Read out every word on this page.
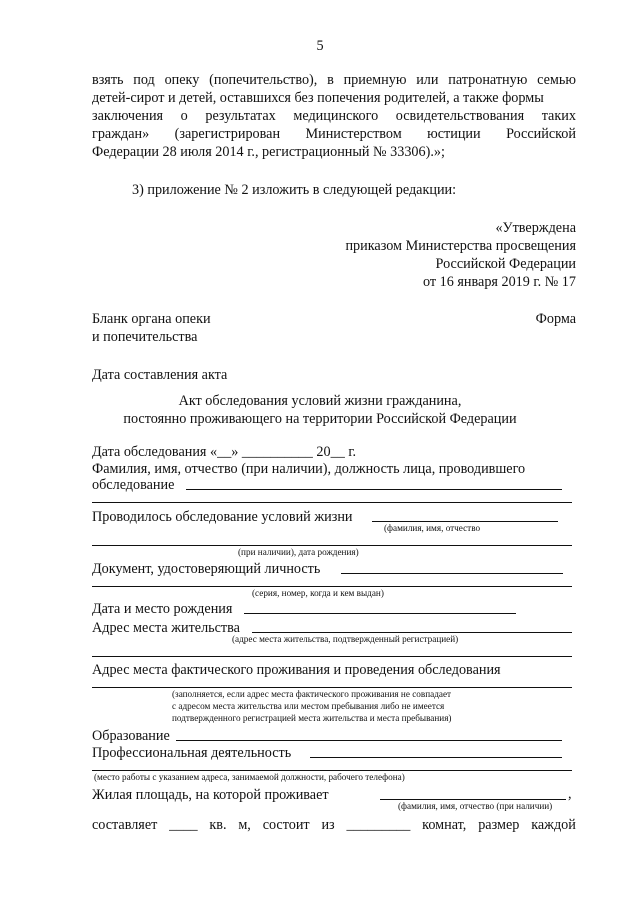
5
взять под опеку (попечительство), в приемную или патронатную семью
детей-сирот и детей, оставшихся без попечения родителей, а также формы
заключения о результатах медицинского освидетельствования таких
граждан» (зарегистрирован Министерством юстиции Российской
Федерации 28 июля 2014 г., регистрационный № 33306).»;
3) приложение № 2 изложить в следующей редакции:
«Утверждена
приказом Министерства просвещения
Российской Федерации
от 16 января 2019 г. № 17
Форма
Бланк органа опеки
и попечительства
Дата составления акта
Акт обследования условий жизни гражданина,
постоянно проживающего на территории Российской Федерации
Дата обследования «__» __________ 20__ г.
Фамилия, имя, отчество (при наличии), должность лица, проводившего
обследование
Проводилось обследование условий жизни
(фамилия, имя, отчество
(при наличии), дата рождения)
Документ, удостоверяющий личность
(серия, номер, когда и кем выдан)
Дата и место рождения
Адрес места жительства
(адрес места жительства, подтвержденный регистрацией)
Адрес места фактического проживания и проведения обследования
(заполняется, если адрес места фактического проживания не совпадает
с адресом места жительства или местом пребывания либо не имеется
подтвержденного регистрацией места жительства и места пребывания)
Образование
Профессиональная деятельность
(место работы с указанием адреса, занимаемой должности, рабочего телефона)
Жилая площадь, на которой проживает	,
(фамилия, имя, отчество (при наличии)
составляет ____ кв. м, состоит из _________ комнат, размер каждой
